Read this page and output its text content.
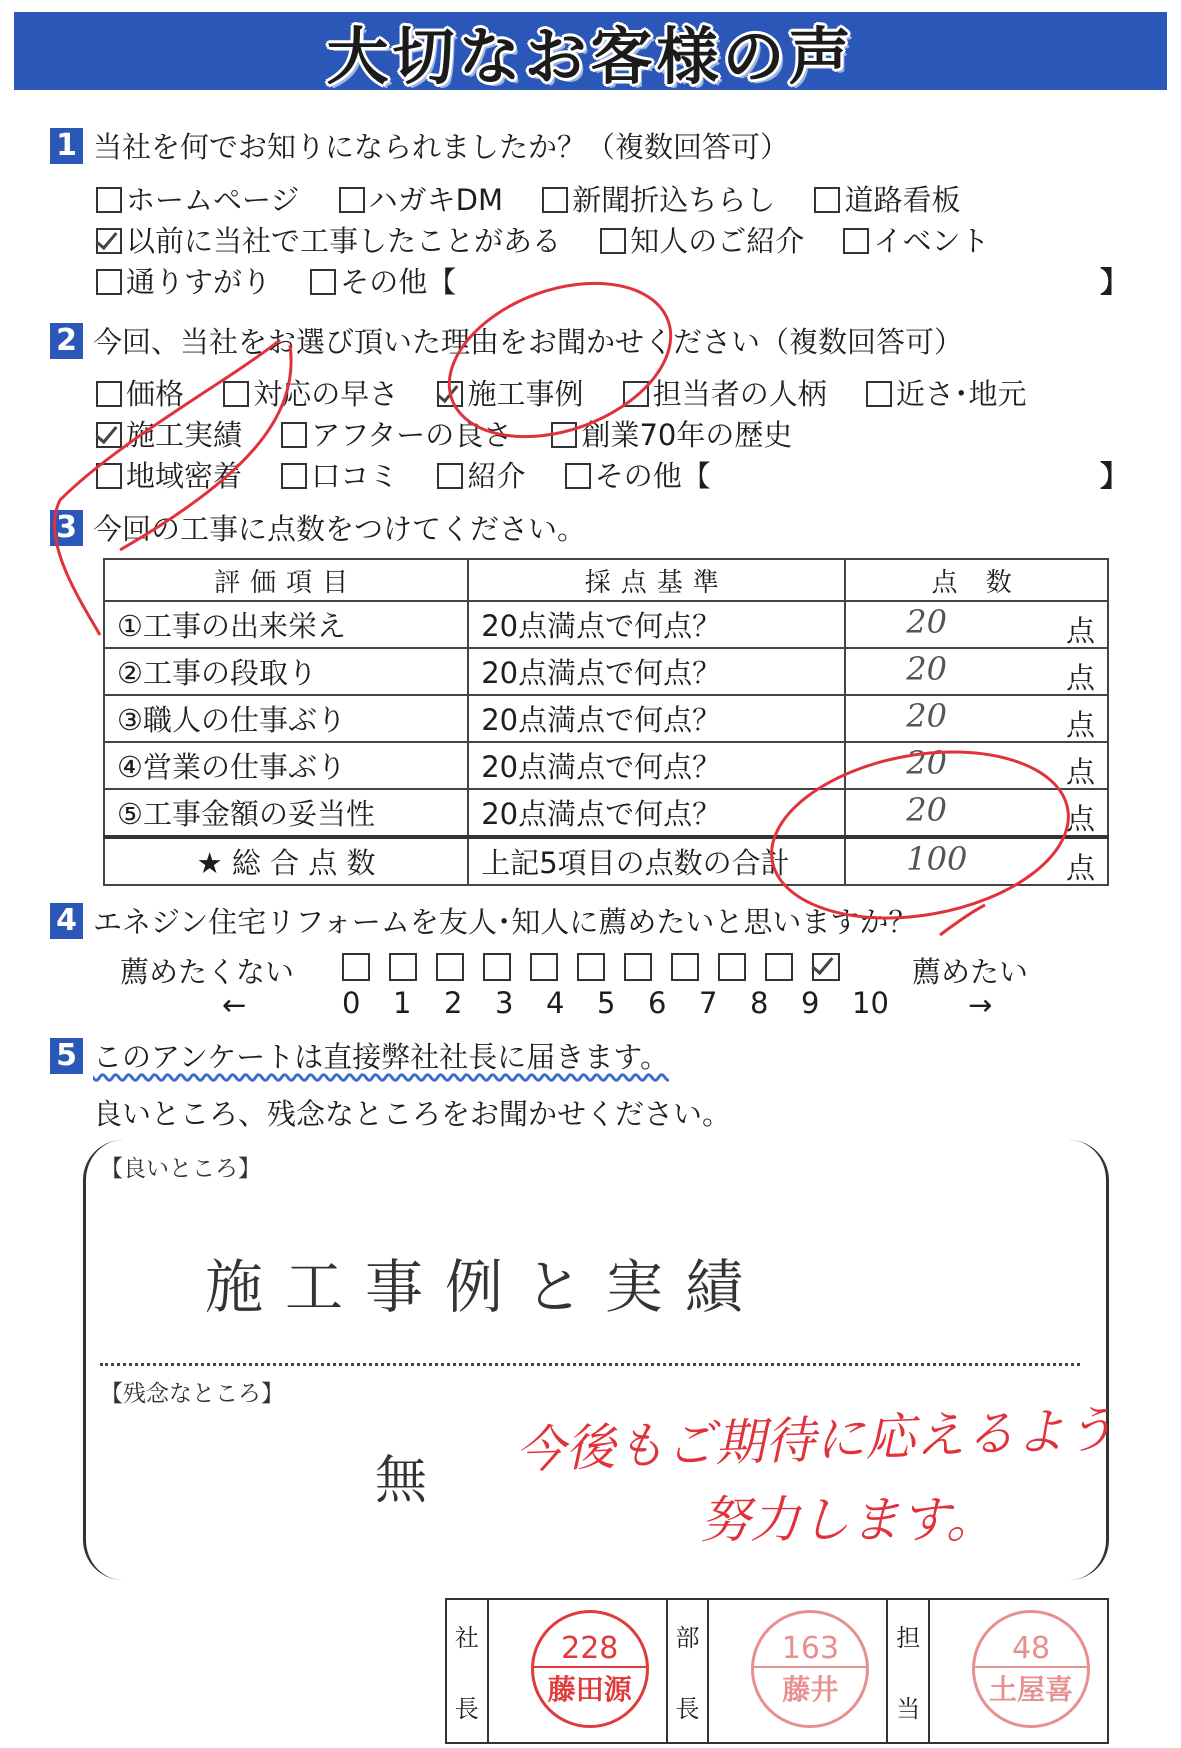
大切なお客様の声
1 当社を何でお知りになられましたか？（複数回答可）
ホームページ
ハガキDM
新聞折込ちらし
道路看板
以前に当社で工事したことがある
知人のご紹介
イベント
通りすがり
その他【	】
2 今回、当社をお選び頂いた理由をお聞かせください（複数回答可）
価格
対応の早さ
施工事例
担当者の人柄
近さ･地元
施工実績
アフターの良さ
創業70年の歴史
地域密着
口コミ
紹介
その他【	】
3 今回の工事に点数をつけてください。
評価項目	採点基準	点 数
①工事の出来栄え	20点満点で何点？	20 点

②工事の段取り	20点満点で何点？	20 点

③職人の仕事ぶり	20点満点で何点？	20 点

④営業の仕事ぶり	20点満点で何点？	20 点

⑤工事金額の妥当性	20点満点で何点？	20 点

★ 総 合 点 数	上記5項目の点数の合計	100 点
4 エネジン住宅リフォームを友人･知人に薦めたいと思いますか？
薦めたくない	薦めたい
0	1	2	3	4	5	6	7	8	9	10
←	→
5 このアンケートは直接弊社社長に届きます。
良いところ、残念なところをお聞かせください。
【良いところ】
施工事例と実績
【残念なところ】
無
今後もご期待に応えるよう
努力します。
社
長
228
藤田源
部
長
163
藤井
担
当
48
土屋喜
